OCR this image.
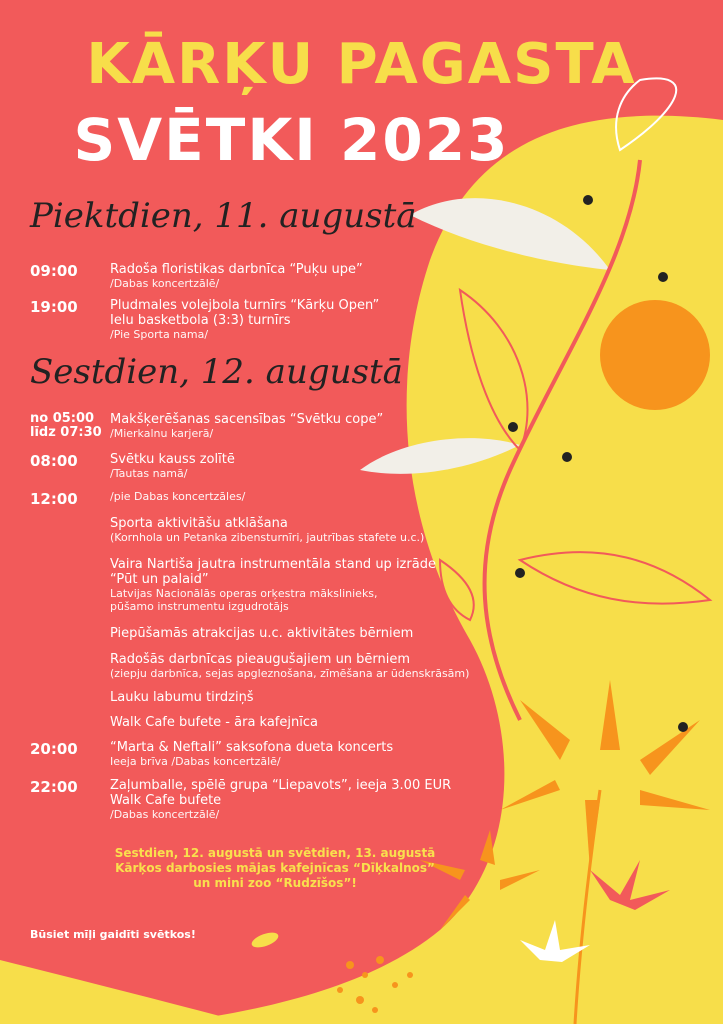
KĀRĶU PAGASTA
SVĒTKI 2023
Piektdien, 11. augustā
09:00 Radoša floristikas darbnīca “Puķu upe”
/Dabas koncertzālē/
19:00 Pludmales volejbola turnīrs “Kārķu Open”
Ielu basketbola (3:3) turnīrs
/Pie Sporta nama/
Sestdien, 12. augustā
no 05:00 līdz 07:30
Makšķerēšanas sacensības “Svētku cope”
/Mierkalnu karjerā/
08:00 Svētku kauss zolītē
/Tautas namā/
12:00	/pie Dabas koncertzāles/
Sporta aktivitāšu atklāšana
(Kornhola un Petanka zibensturnīri, jautrības stafete u.c.)
Vaira Nartiša jautra instrumentāla stand up izrāde
“Pūt un palaid”
Latvijas Nacionālās operas orķestra mākslinieks,
pūšamo instrumentu izgudrotājs
Piepūšamās atrakcijas u.c. aktivitātes bērniem
Radošās darbnīcas pieaugušajiem un bērniem
(ziepju darbnīca, sejas apgleznošana, zīmēšana ar ūdenskrāsām)
Lauku labumu tirdziņš
Walk Cafe bufete - āra kafejnīca
20:00 “Marta & Neftali” saksofona dueta koncerts
Ieeja brīva /Dabas koncertzālē/
22:00 Zaļumballe, spēlē grupa “Liepavots”, ieeja 3.00 EUR
Walk Cafe bufete
/Dabas koncertzālē/
Sestdien, 12. augustā un svētdien, 13. augustā Kārķos darbosies mājas kafejnīcas “Dīķkalnos” un mini zoo “Rudzīšos”!
Būsiet mīļi gaidīti svētkos!
